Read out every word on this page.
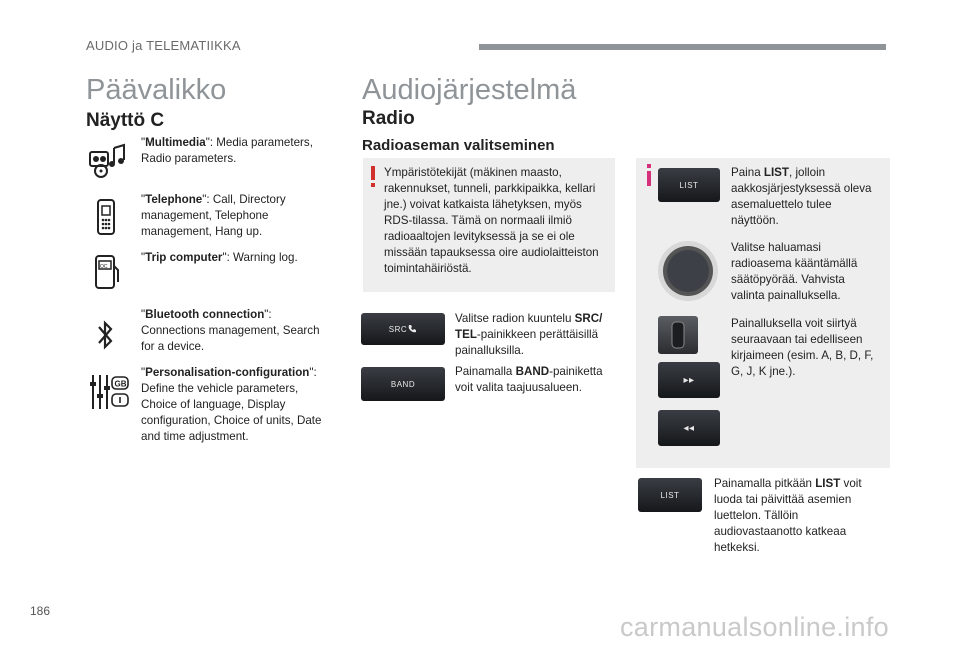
AUDIO ja TELEMATIIKKA
Päävalikko
Näyttö C
"Multimedia": Media parameters, Radio parameters.
"Telephone": Call, Directory management, Telephone management, Hang up.
OC
"Trip computer": Warning log.
"Bluetooth connection": Connections management, Search for a device.
GB
"Personalisation-configuration": Define the vehicle parameters, Choice of language, Display configuration, Choice of units, Date and time adjustment.
Audiojärjestelmä
Radio
Radioaseman valitseminen
Ympäristötekijät (mäkinen maasto, rakennukset, tunneli, parkkipaikka, kellari jne.) voivat katkaista lähetyksen, myös RDS-tilassa. Tämä on normaali ilmiö radioaaltojen levityksessä ja se ei ole missään tapauksessa oire audiolaitteiston toimintahäiriöstä.
SRC
Valitse radion kuuntelu SRC/ TEL-painikkeen perättäisillä painalluksilla.
BAND
Painamalla BAND-painiketta voit valita taajuusalueen.
LIST
Paina LIST, jolloin aakkosjärjestyksessä oleva asemaluettelo tulee näyttöön.
Valitse haluamasi radioasema kääntämällä säätöpyörää. Vahvista valinta painalluksella.
Painalluksella voit siirtyä seuraavaan tai edelliseen kirjaimeen (esim. A, B, D, F, G, J, K jne.).
▸▸
◂◂
LIST
Painamalla pitkään LIST voit luoda tai päivittää asemien luettelon. Tällöin audiovastaanotto katkeaa hetkeksi.
186
carmanualsonline.info
